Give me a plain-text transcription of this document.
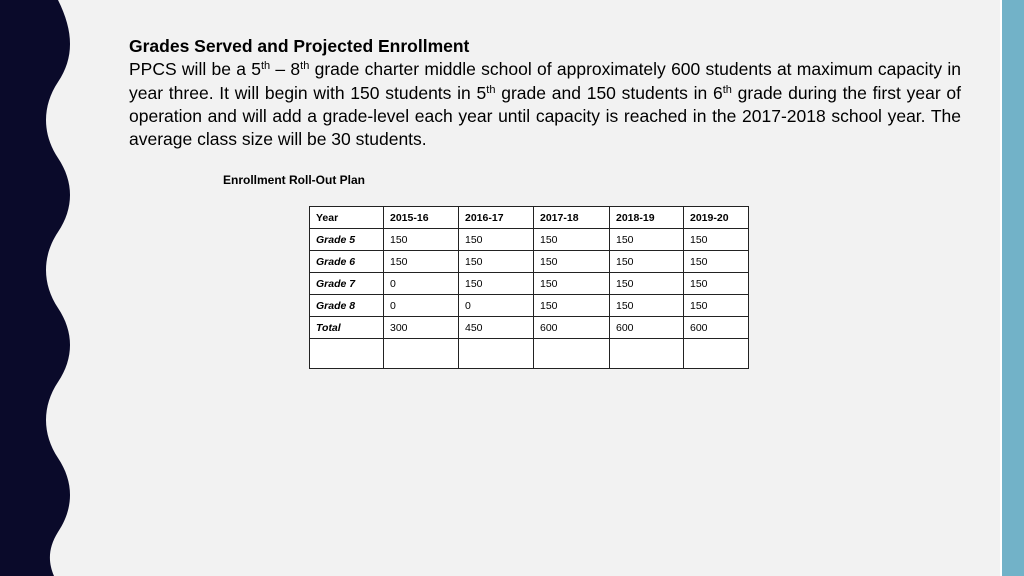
Grades Served and Projected Enrollment
PPCS will be a 5th – 8th grade charter middle school of approximately 600 students at maximum capacity in year three. It will begin with 150 students in 5th grade and 150 students in 6th grade during the first year of operation and will add a grade-level each year until capacity is reached in the 2017-2018 school year. The average class size will be 30 students.
Enrollment Roll-Out Plan
Year	2015-16	2016-17	2017-18	2018-19	2019-20
Grade 5	150	150	150	150	150
Grade 6	150	150	150	150	150
Grade 7	0	150	150	150	150
Grade 8	0	0	150	150	150
Total	300	450	600	600	600
